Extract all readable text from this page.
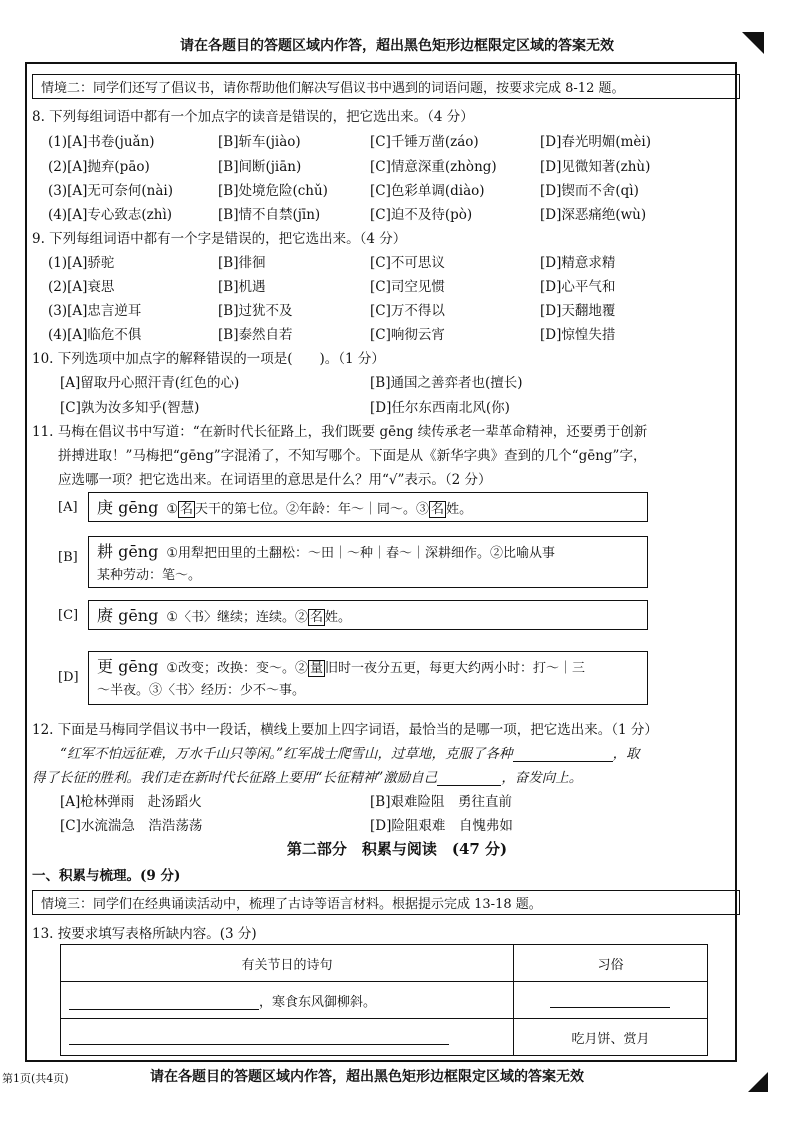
请在各题目的答题区域内作答，超出黑色矩形边框限定区域的答案无效
情境二：同学们还写了倡议书，请你帮助他们解决写倡议书中遇到的词语问题，按要求完成 8-12 题。
8. 下列每组词语中都有一个加点字的读音是错误的，把它选出来。（4 分）
(1)[A]书卷(juǎn)	[B]斩车(jiào)	[C]千锤万凿(záo)	[D]春光明媚(mèi)
(2)[A]抛弃(pāo)	[B]间断(jiān)	[C]情意深重(zhòng)	[D]见微知著(zhù)
(3)[A]无可奈何(nài)	[B]处境危险(chǔ)	[C]色彩单调(diào)	[D]锲而不舍(qì)
(4)[A]专心致志(zhì)	[B]情不自禁(jīn)	[C]迫不及待(pò)	[D]深恶痛绝(wù)
9. 下列每组词语中都有一个字是错误的，把它选出来。（4 分）
(1)[A]骄驼	[B]徘徊	[C]不可思议	[D]精意求精
(2)[A]衰思	[B]机遇	[C]司空见惯	[D]心平气和
(3)[A]忠言逆耳	[B]过犹不及	[C]万不得以	[D]天翻地覆
(4)[A]临危不俱	[B]泰然自若	[C]响彻云宵	[D]惊惶失措
10. 下列选项中加点字的解释错误的一项是(　　)。（1 分）
[A]留取丹心照汗青(红色的心)	[B]通国之善弈者也(擅长)
[C]孰为汝多知乎(智慧)	[D]任尔东西南北风(你)
11. 马梅在倡议书中写道：“在新时代长征路上，我们既要 gēng 续传承老一辈革命精神，还要勇于创新
拼搏进取！”马梅把“gēng”字混淆了，不知写哪个。下面是从《新华字典》查到的几个“gēng”字，
应选哪一项？把它选出来。在词语里的意思是什么？用“√”表示。（2 分）
[A]	庚 gēng ① 名 天干的第七位。②年龄：年～｜同～。③ 名 姓。
[B]	耕 gēng ①用犁把田里的土翻松：～田｜～种｜春～｜深耕细作。②比喻从事
某种劳动：笔～。
[C]	赓 gēng ①〈书〉继续；连续。② 名 姓。
[D]
更 gēng ①改变；改换：变～。② 量 旧时一夜分五更，每更大约两小时：打～｜三
～半夜。③〈书〉经历：少不～事。
12. 下面是马梅同学倡议书中一段话，横线上要加上四字词语，最恰当的是哪一项，把它选出来。（1 分）
“红军不怕远征难，万水千山只等闲。”红军战士爬雪山，过草地，克服了各种	，取
得了长征的胜利。我们走在新时代长征路上要用“长征精神”激励自己	，奋发向上。
[A]枪林弹雨　赴汤蹈火	[B]艰难险阻　勇往直前
[C]水流湍急　浩浩荡荡	[D]险阻艰难　自愧弗如
第二部分　积累与阅读　(47 分)
一、积累与梳理。(9 分)
情境三：同学们在经典诵读活动中，梳理了古诗等语言材料。根据提示完成 13-18 题。
13. 按要求填写表格所缺内容。(3 分)
有关节日的诗句	习俗
，寒食东风御柳斜。	
	吃月饼、赏月
第1页(共4页)	请在各题目的答题区域内作答，超出黑色矩形边框限定区域的答案无效
